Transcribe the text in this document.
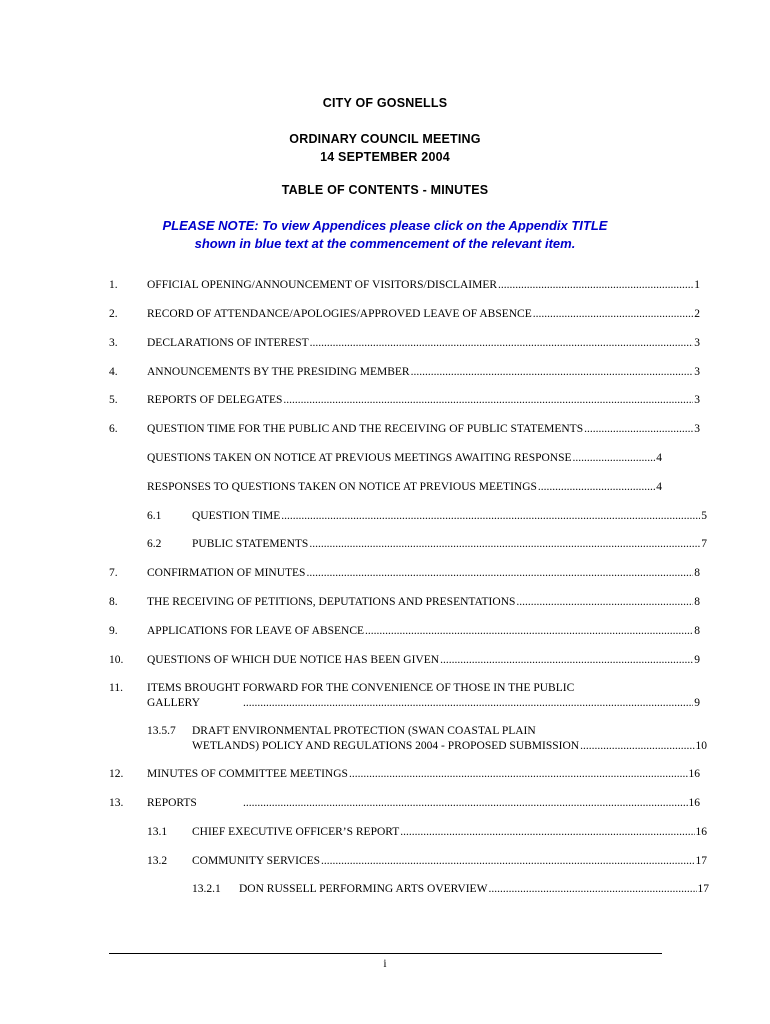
CITY OF GOSNELLS
ORDINARY COUNCIL MEETING
14 SEPTEMBER 2004
TABLE OF CONTENTS - MINUTES
PLEASE NOTE: To view Appendices please click on the Appendix TITLE
shown in blue text at the commencement of the relevant item.
1.	OFFICIAL OPENING/ANNOUNCEMENT OF VISITORS/DISCLAIMER .....	1
2.	RECORD OF ATTENDANCE/APOLOGIES/APPROVED LEAVE OF ABSENCE .....	2
3.	DECLARATIONS OF INTEREST .....	3
4.	ANNOUNCEMENTS BY THE PRESIDING MEMBER .....	3
5.	REPORTS OF DELEGATES .....	3
6.	QUESTION TIME FOR THE PUBLIC AND THE RECEIVING OF PUBLIC STATEMENTS .....	3
QUESTIONS TAKEN ON NOTICE AT PREVIOUS MEETINGS AWAITING RESPONSE .....	4
RESPONSES TO QUESTIONS TAKEN ON NOTICE AT PREVIOUS MEETINGS .....	4
6.1	QUESTION TIME .....	5
6.2	PUBLIC STATEMENTS .....	7
7.	CONFIRMATION OF MINUTES .....	8
8.	THE RECEIVING OF PETITIONS, DEPUTATIONS AND PRESENTATIONS .....	8
9.	APPLICATIONS FOR LEAVE OF ABSENCE .....	8
10. QUESTIONS OF WHICH DUE NOTICE HAS BEEN GIVEN .....	9
11. ITEMS BROUGHT FORWARD FOR THE CONVENIENCE OF THOSE IN THE PUBLIC
GALLERY .....	9
13.5.7 DRAFT ENVIRONMENTAL PROTECTION (SWAN COASTAL PLAIN
WETLANDS) POLICY AND REGULATIONS 2004 - PROPOSED SUBMISSION .....	10
12. MINUTES OF COMMITTEE MEETINGS .....	16
13. REPORTS .....	16
13.1 CHIEF EXECUTIVE OFFICER’S REPORT .....	16
13.2 COMMUNITY SERVICES .....	17
13.2.1 DON RUSSELL PERFORMING ARTS OVERVIEW .....	17
i
